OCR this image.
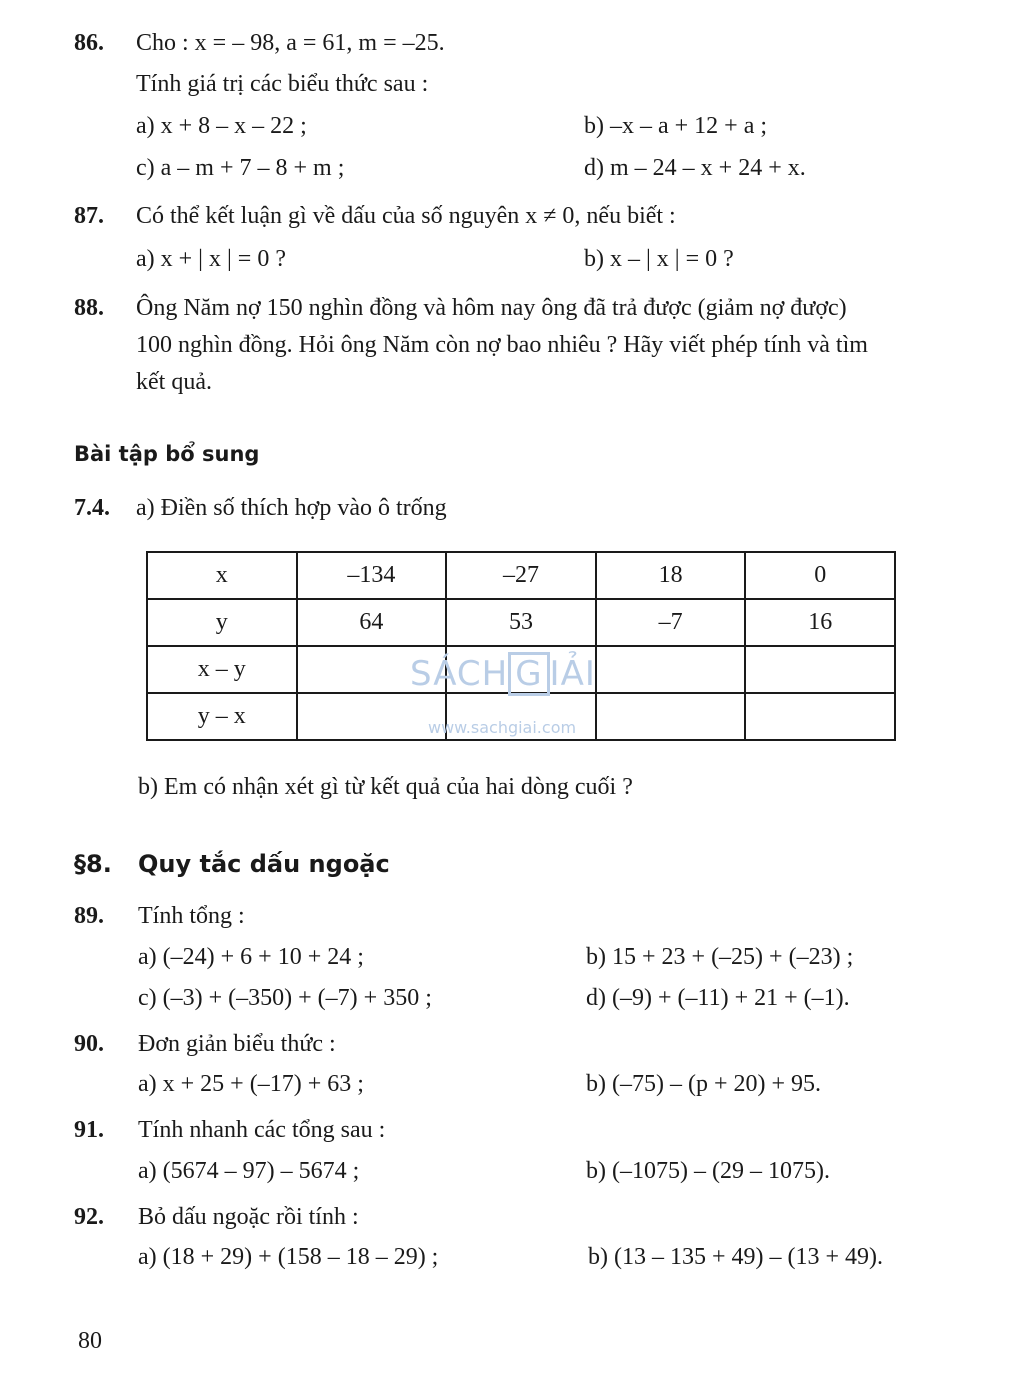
86. Cho : x = – 98, a = 61, m = –25.
Tính giá trị các biểu thức sau :
a) x + 8 – x – 22 ;	b) –x – a + 12 + a ;
c) a – m + 7 – 8 + m ;	d) m – 24 – x + 24 + x.
87. Có thể kết luận gì về dấu của số nguyên x ≠ 0, nếu biết :
a) x + | x | = 0 ?	b) x – | x | = 0 ?
88. Ông Năm nợ 150 nghìn đồng và hôm nay ông đã trả được (giảm nợ được)
100 nghìn đồng. Hỏi ông Năm còn nợ bao nhiêu ? Hãy viết phép tính và tìm
kết quả.
Bài tập bổ sung
7.4. a) Điền số thích hợp vào ô trống
x	–134	–27	18	0
y	64	53	–7	16
x – y				
y – x				
SÁCH G IẢI
www.sachgiai.com
b) Em có nhận xét gì từ kết quả của hai dòng cuối ?
§8. Quy tắc dấu ngoặc
89. Tính tổng :
a) (–24) + 6 + 10 + 24 ;	b) 15 + 23 + (–25) + (–23) ;
c) (–3) + (–350) + (–7) + 350 ;	d) (–9) + (–11) + 21 + (–1).
90. Đơn giản biểu thức :
a) x + 25 + (–17) + 63 ;	b) (–75) – (p + 20) + 95.
91. Tính nhanh các tổng sau :
a) (5674 – 97) – 5674 ;	b) (–1075) – (29 – 1075).
92. Bỏ dấu ngoặc rồi tính :
a) (18 + 29) + (158 – 18 – 29) ;	b) (13 – 135 + 49) – (13 + 49).
80
